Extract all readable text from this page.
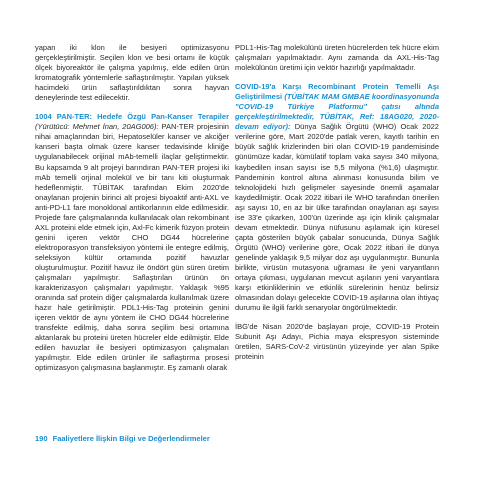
yapan iki klon ile besiyeri optimizasyonu gerçekleştirilmiştir. Seçilen klon ve besi ortamı ile küçük ölçek biyoreaktör ile çalışma yapılmış, elde edilen ürün kromatografik yöntemlerle saflaştırılmıştır. Yapılan yüksek hacimdeki ürün saflaştırıldıktan sonra hayvan deneylerinde test edilecektir.

1004 PAN-TER: Hedefe Özgü Pan-Kanser Terapiler (Yürütücü: Mehmet İnan, 20AG006): PAN-TER projesinin nihai amaçlarından biri, Hepatoselüler kanser ve akciğer kanseri başta olmak üzere kanser tedavisinde kliniğe uygulanabilecek orijinal mAb-temelli ilaçlar geliştirmektir. Bu kapsamda 9 alt projeyi barındıran PAN-TER projesi iki mAb temelli orjinal molekül ve bir tanı kiti oluşturmak hedeflenmiştir. TÜBİTAK tarafından Ekim 2020'de onaylanan projenin birinci alt projesi biyoaktif anti-AXL ve anti-PD-L1 fare monoklonal antikorlarının elde edilmesidir. Projede fare çalışmalarında kullanılacak olan rekombinant AXL proteini elde etmek için, Axl-Fc kimerik füzyon protein genini içeren vektör CHO DG44 hücrelerine elektroporasyon transfeksiyon yöntemi ile entegre edilmiş, seleksiyon kültür ortamında pozitif havuzlar oluşturulmuştur. Pozitif havuz ile öndört gün süren üretim çalışmaları yapılmıştır. Saflaştırılan ürünün ön karakterizasyon çalışmaları yapılmıştır. Yaklaşık %95 oranında saf protein diğer çalışmalarda kullanılmak üzere hazır hale getirilmiştir. PDL1-His-Tag proteinin genini içeren vektör de aynı yöntem ile CHO DG44 hücrelerine transfekte edilmiş, daha sonra seçilim besi ortamına aktarılarak bu proteini üreten hücreler elde edilmiştir. Elde edilen havuzlar ile besiyeri optimizasyon çalışmaları yapılmıştır. Elde edilen ürünler ile saflaştırma prosesi optimizasyon çalışmasına başlanmıştır. Eş zamanlı olarak

PDL1-His-Tag molekülünü üreten hücrelerden tek hücre ekim çalışmaları yapılmaktadır. Aynı zamanda da AXL-His-Tag molekülünün üretimi için vektör hazırlığı yapılmaktadır.

COVID-19'a Karşı Recombinant Protein Temelli Aşı Geliştirilmesi (TÜBİTAK MAM GMBAE koordinasyonunda "COVID-19 Türkiye Platformu" çatısı altında gerçekleştirilmektedir, TÜBİTAK, Ref: 18AG020, 2020-devam ediyor): Dünya Sağlık Örgütü (WHO) Ocak 2022 verilerine göre, Mart 2020'de patlak veren, kayıtlı tarihin en büyük sağlık krizlerinden biri olan COVID-19 pandemisinde günümüze kadar, kümülatif toplam vaka sayısı 340 milyona, kaybedilen insan sayısı ise 5,5 milyona (%1,6) ulaşmıştır. Pandeminin kontrol altına alınması konusunda bilim ve teknolojideki hızlı gelişmeler sayesinde önemli aşamalar kaydedilmiştir. Ocak 2022 itibari ile WHO tarafından önerilen aşı sayısı 10, en az bir ülke tarafından onaylanan aşı sayısı ise 33'e çıkarken, 100'ün üzerinde aşı için klinik çalışmalar devam etmektedir. Dünya nüfusunu aşılamak için küresel çapta gösterilen büyük çabalar sonucunda, Dünya Sağlık Örgütü (WHO) verilerine göre, Ocak 2022 itibari ile dünya genelinde yaklaşık 9,5 milyar doz aşı uygulanmıştır. Bununla birlikte, virüsün mutasyona uğraması ile yeni varyantların ortaya çıkması, uygulanan mevcut aşıların yeni varyantlara karşı etkinliklerinin ve etkinlik sürelerinin henüz belirsiz olmasından dolayı gelecekte COVID-19 aşılarına olan ihtiyaç durumu ile ilgili farklı senaryolar öngörülmektedir.

İBG'de Nisan 2020'de başlayan proje, COVID-19 Protein Subunit Aşı Adayı, Pichia maya ekspresyon sisteminde üretilen, SARS-CoV-2 virüsünün yüzeyinde yer alan Spike proteinin

190 Faaliyetlere İlişkin Bilgi ve Değerlendirmeler
